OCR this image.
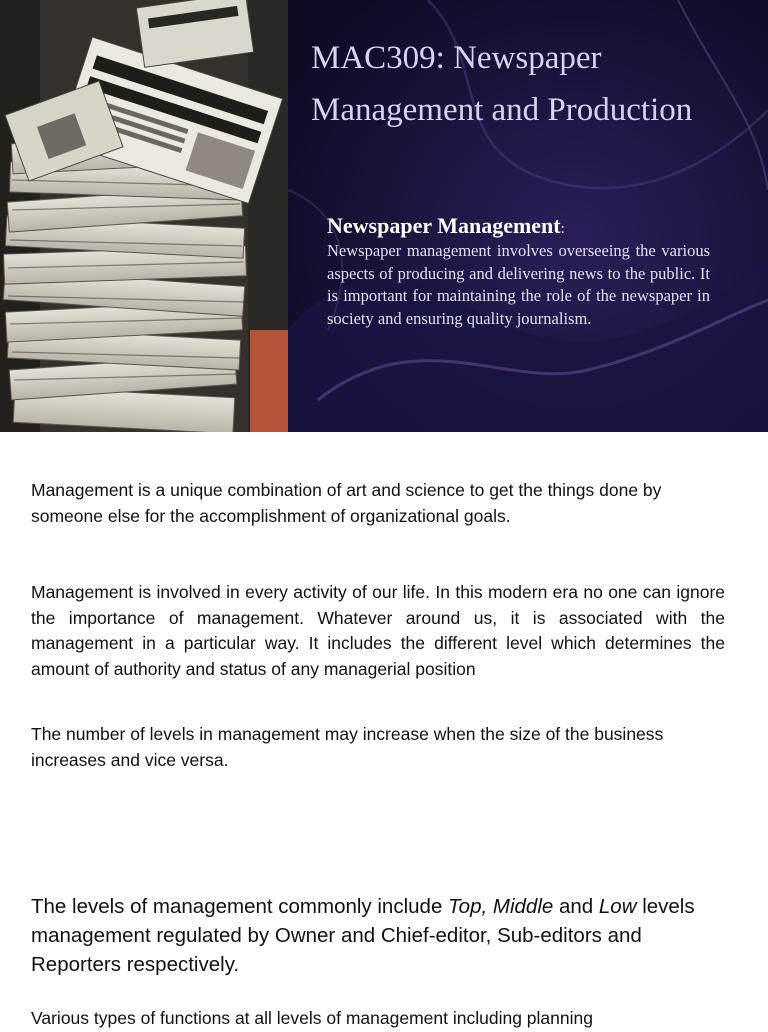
MAC309: Newspaper Management and Production
Newspaper Management:

Newspaper management involves overseeing the various aspects of producing and delivering news to the public. It is important for maintaining the role of the newspaper in society and ensuring quality journalism.

Management is a unique combination of art and science to get the things done by someone else for the accomplishment of organizational goals.

Management is involved in every activity of our life. In this modern era no one can ignore the importance of management. Whatever around us, it is associated with the management in a particular way. It includes the different level which determines the amount of authority and status of any managerial position

The number of levels in management may increase when the size of the business increases and vice versa.

The levels of management commonly include Top, Middle and Low levels management regulated by Owner and Chief-editor, Sub-editors and Reporters respectively.

Various types of functions at all levels of management including planning
